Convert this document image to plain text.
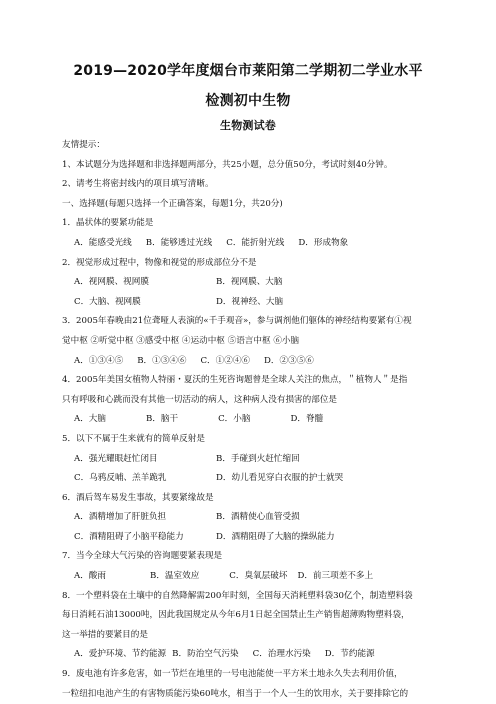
2019—2020学年度烟台市莱阳第二学期初二学业水平
检测初中生物
生物测试卷
友情提示：
1、本试题分为选择题和非选择题两部分，共25小题，总分值50分，考试时刻40分钟。
2、请考生将密封线内的项目填写清晰。
一、选择题(每题只选择一个正确答案，每题1分，共20分)
1．晶状体的要紧功能是
A．能感受光线 B．能够透过光线 C．能折射光线 D．形成物象
2．视觉形成过程中，物像和视觉的形成部位分不是
A．视网膜、视网膜	B．视网膜、大脑
C．大脑、视网膜	D．视神经、大脑
3．2005年春晚由21位聋哑人表演的«千手观音»，参与调剂他们躯体的神经结构要紧有①视
觉中枢 ②听觉中枢 ③感受中枢 ④运动中枢 ⑤语言中枢 ⑥小脑
A．①③④⑤ B．①③④⑥ C．①②④⑥ D．②③⑤⑥
4．2005年美国女植物人特丽・夏沃的生死咨询题曾是全球人关注的焦点，＂植物人＂是指
只有呼吸和心跳而没有其他一切活动的病人，这种病人没有损害的部位是
A．大脑	B．脑干	C．小脑	D．脊髓
5．以下不属于生来就有的简单反射是
A．强光耀眼赶忙闭目	B．手碰到火赶忙缩回
C．乌鸦反哺、羔羊跪乳	D．幼儿看见穿白衣服的护士就哭
6．酒后驾车易发生事故，其要紧缘故是
A．酒精增加了肝脏负担	B．酒精使心血管受损
C．酒精阻碍了小脑平稳能力	D．酒精阻碍了大脑的操纵能力
7．当今全球大气污染的咨询题要紧表现是
A．酸雨	B．温室效应	C．臭氧层破坏 D．前三项差不多上
8．一个塑料袋在土壤中的自然降解需200年时刻，全国每天消耗塑料袋30亿个，制造塑料袋
每日消耗石油13000吨，因此我国规定从今年6月1日起全国禁止生产销售超薄购物塑料袋，
这一举措的要紧目的是
A．爱护环境、节约能源 B．防治空气污染 C．治理水污染 D．节约能源
9．废电池有许多危害，如一节烂在地里的一号电池能使一平方米土地永久失去利用价值，
一粒纽扣电池产生的有害物质能污染60吨水，相当于一个人一生的饮用水，关于要排除它的
